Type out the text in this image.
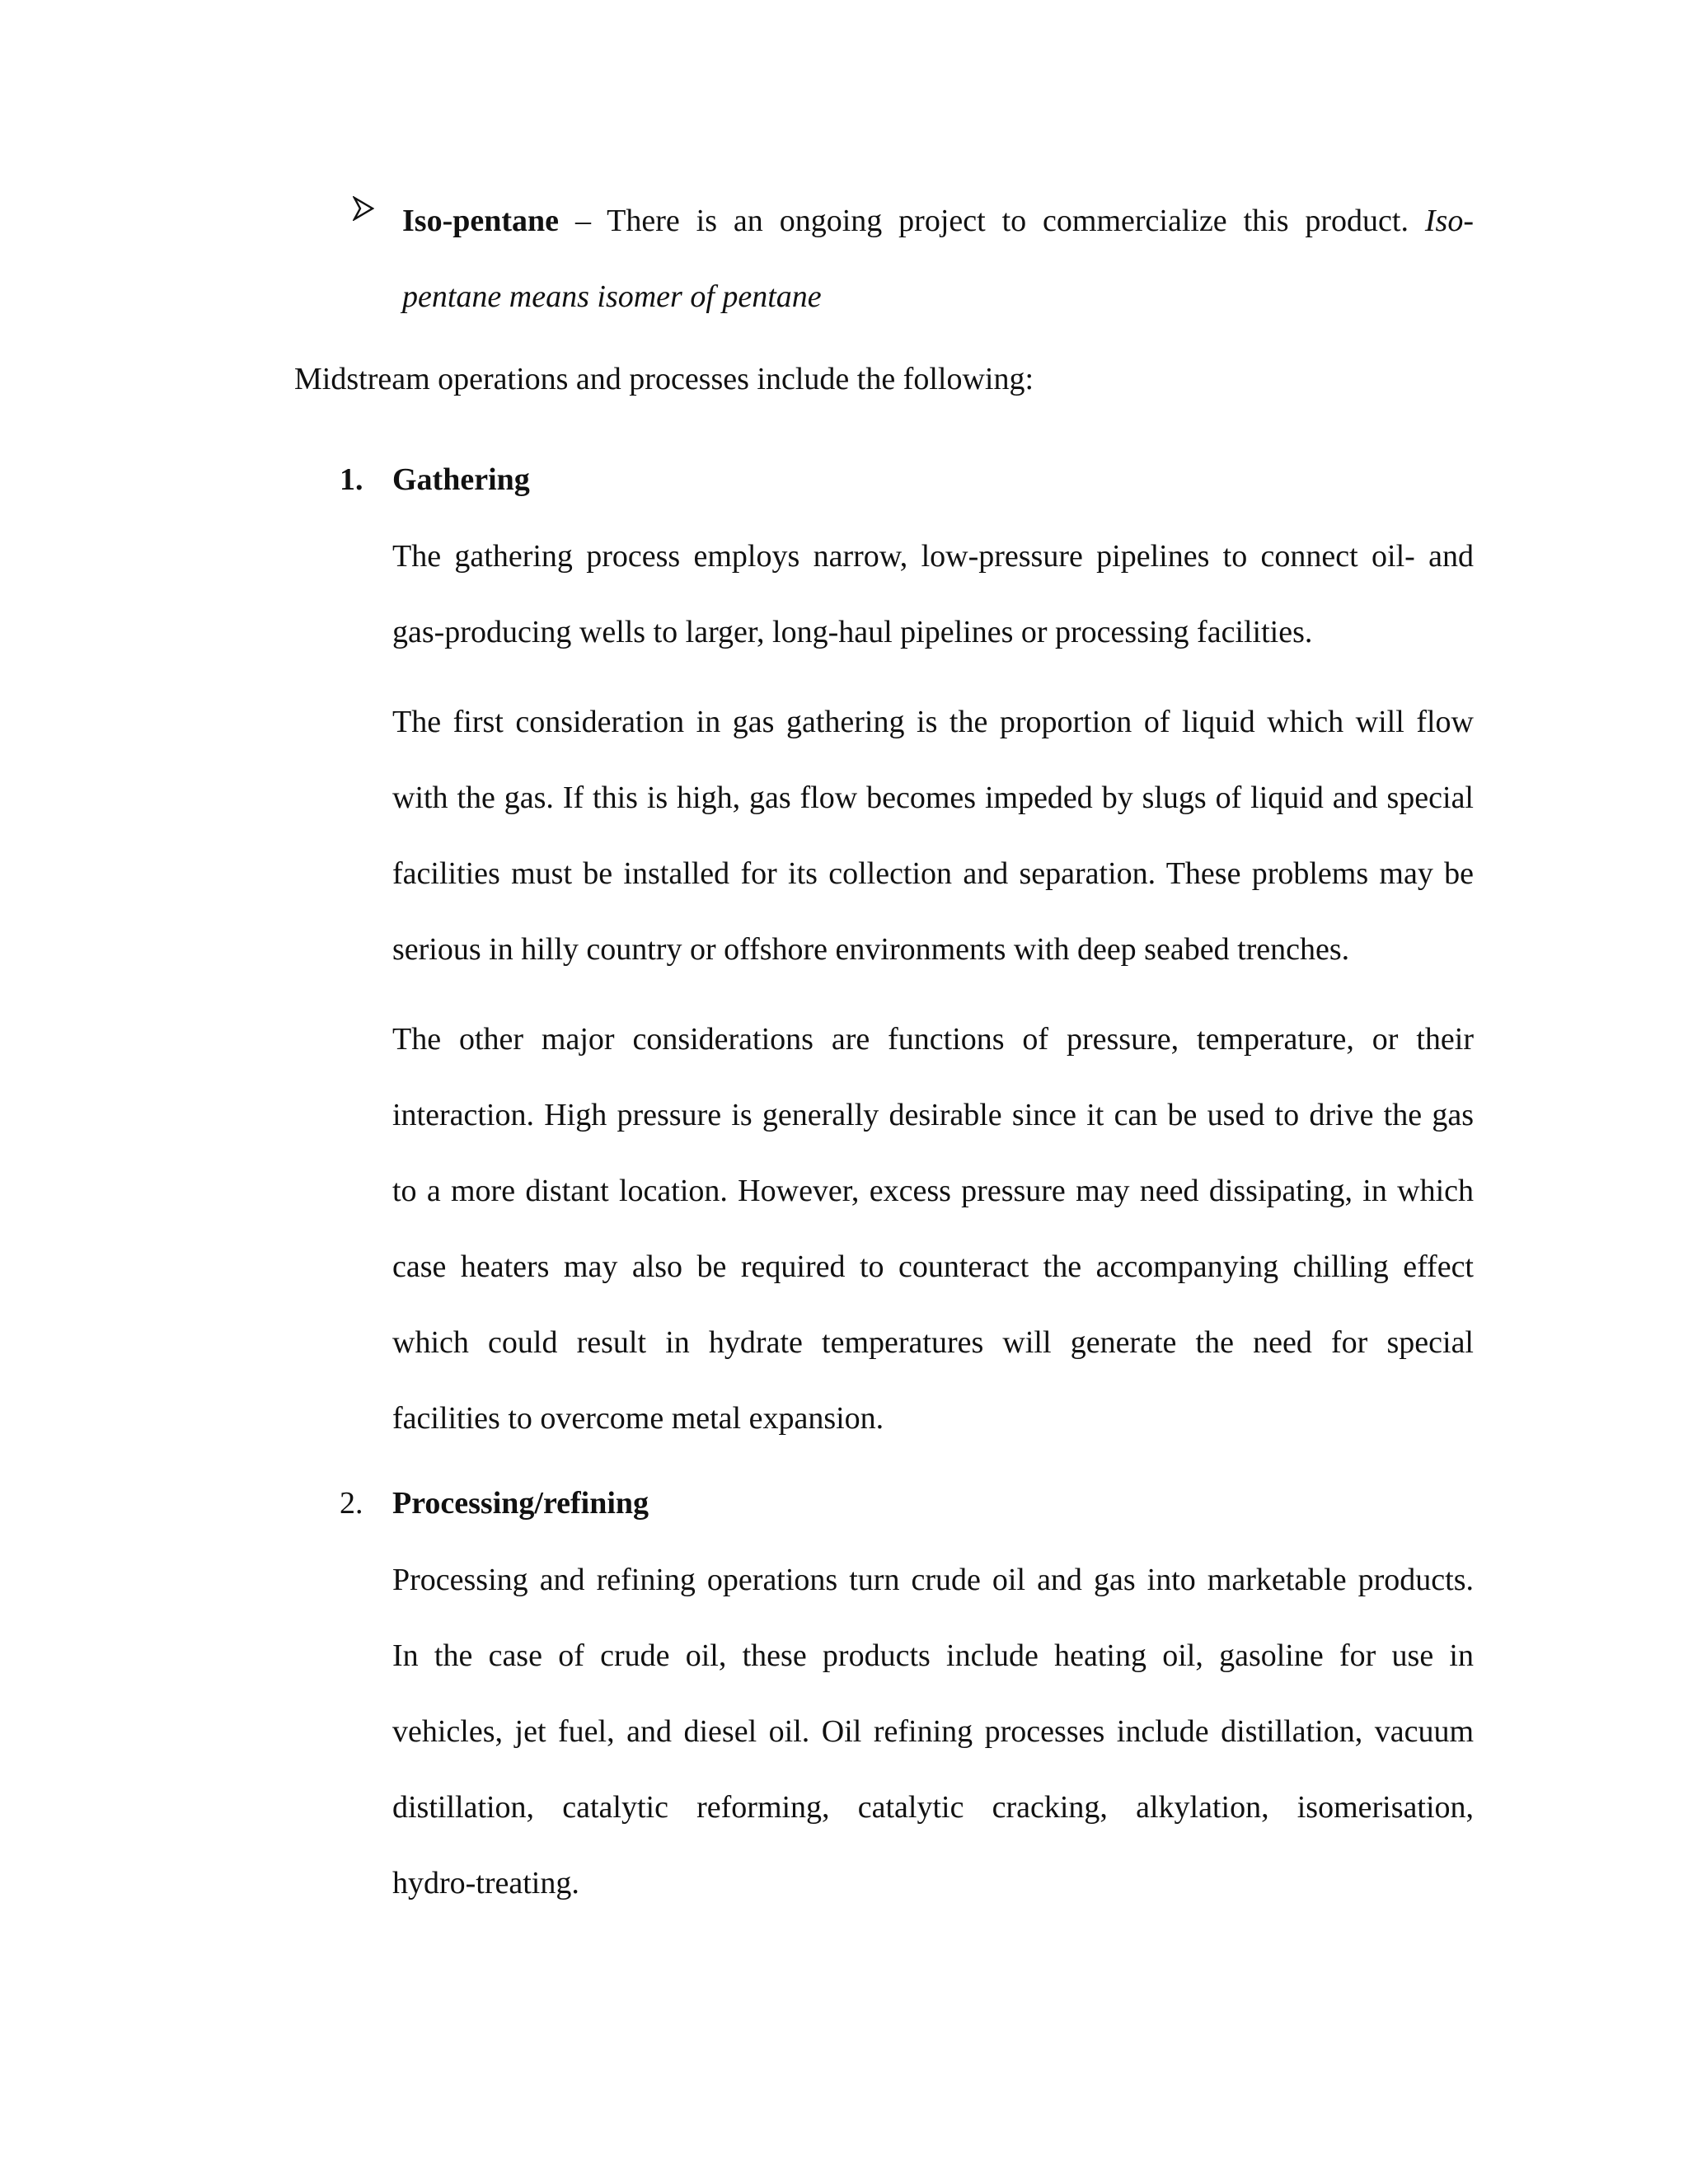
Iso-pentane – There is an ongoing project to commercialize this product. Iso-pentane means isomer of pentane
Midstream operations and processes include the following:
1. Gathering
The gathering process employs narrow, low-pressure pipelines to connect oil- and
gas-producing wells to larger, long-haul pipelines or processing facilities.
The first consideration in gas gathering is the proportion of liquid which will flow
with the gas. If this is high, gas flow becomes impeded by slugs of liquid and special
facilities must be installed for its collection and separation. These problems may be
serious in hilly country or offshore environments with deep seabed trenches.
The other major considerations are functions of pressure, temperature, or their
interaction. High pressure is generally desirable since it can be used to drive the gas
to a more distant location. However, excess pressure may need dissipating, in which
case heaters may also be required to counteract the accompanying chilling effect
which could result in hydrate temperatures will generate the need for special
facilities to overcome metal expansion.
2. Processing/refining
Processing and refining operations turn crude oil and gas into marketable products.
In the case of crude oil, these products include heating oil, gasoline for use in
vehicles, jet fuel, and diesel oil. Oil refining processes include distillation, vacuum
distillation, catalytic reforming, catalytic cracking, alkylation, isomerisation,
hydro-treating.
